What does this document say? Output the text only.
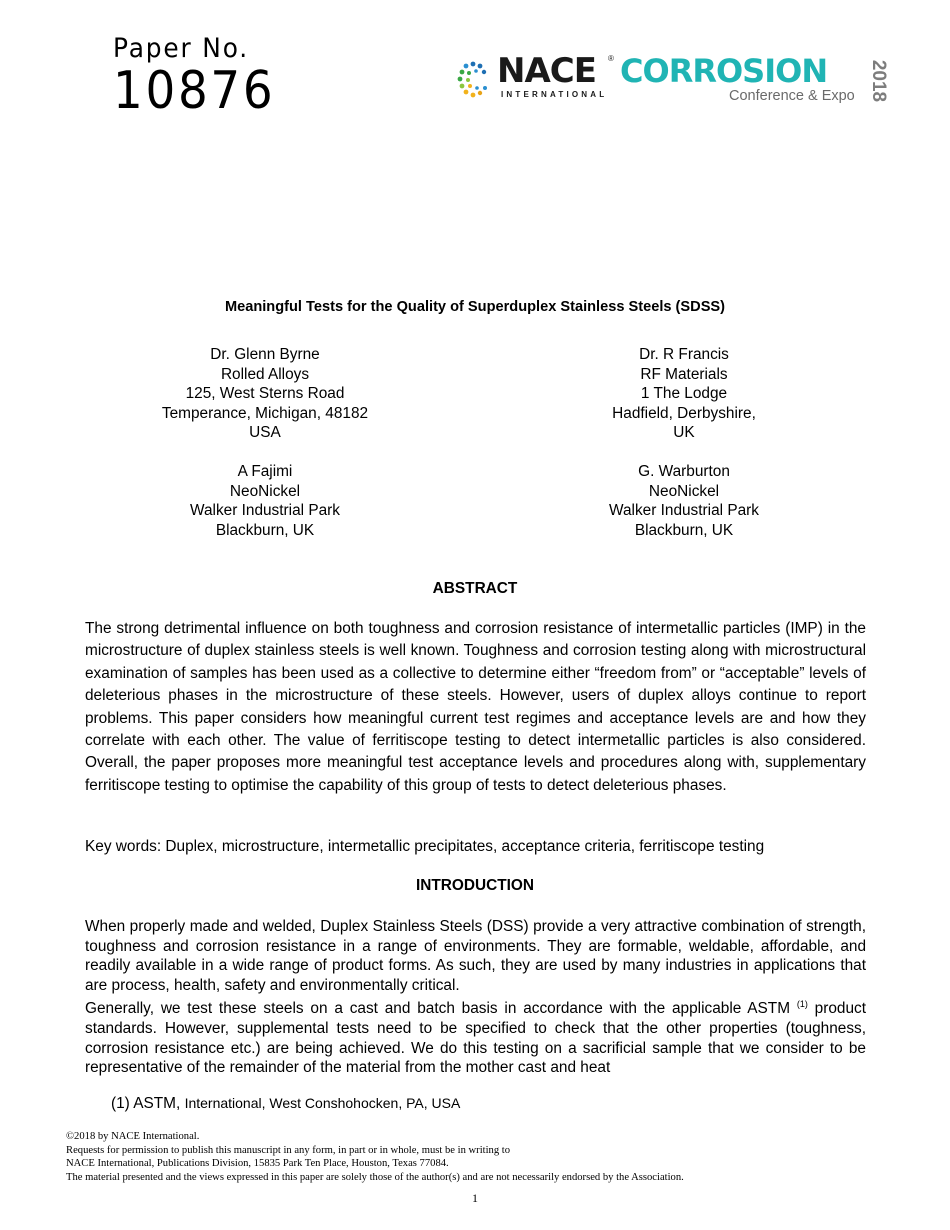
Paper No.
10876	NACE ®
INTERNATIONAL
CORROSION
Conference & Expo 2018
Meaningful Tests for the Quality of Superduplex Stainless Steels (SDSS)
Dr. Glenn Byrne
Rolled Alloys
125, West Sterns Road
Temperance, Michigan, 48182
USA
Dr. R Francis
RF Materials
1 The Lodge
Hadfield, Derbyshire,
UK
A Fajimi
NeoNickel
Walker Industrial Park
Blackburn, UK
G. Warburton
NeoNickel
Walker Industrial Park
Blackburn, UK
ABSTRACT
The strong detrimental influence on both toughness and corrosion resistance of intermetallic particles (IMP) in the microstructure of duplex stainless steels is well known. Toughness and corrosion testing along with microstructural examination of samples has been used as a collective to determine either “freedom from” or “acceptable” levels of deleterious phases in the microstructure of these steels. However, users of duplex alloys continue to report problems. This paper considers how meaningful current test regimes and acceptance levels are and how they correlate with each other. The value of ferritiscope testing to detect intermetallic particles is also considered. Overall, the paper proposes more meaningful test acceptance levels and procedures along with, supplementary ferritiscope testing to optimise the capability of this group of tests to detect deleterious phases.
Key words: Duplex, microstructure, intermetallic precipitates, acceptance criteria, ferritiscope testing
INTRODUCTION
When properly made and welded, Duplex Stainless Steels (DSS) provide a very attractive combination of strength, toughness and corrosion resistance in a range of environments. They are formable, weldable, affordable, and readily available in a wide range of product forms. As such, they are used by many industries in applications that are process, health, safety and environmentally critical.
Generally, we test these steels on a cast and batch basis in accordance with the applicable ASTM $^{(1)}$ product standards. However, supplemental tests need to be specified to check that the other properties (toughness, corrosion resistance etc.) are being achieved. We do this testing on a sacrificial sample that we consider to be representative of the remainder of the material from the mother cast and heat
(1) ASTM, International, West Conshohocken, PA, USA
©2018 by NACE International.
Requests for permission to publish this manuscript in any form, in part or in whole, must be in writing to
NACE International, Publications Division, 15835 Park Ten Place, Houston, Texas 77084.
The material presented and the views expressed in this paper are solely those of the author(s) and are not necessarily endorsed by the Association.
1
